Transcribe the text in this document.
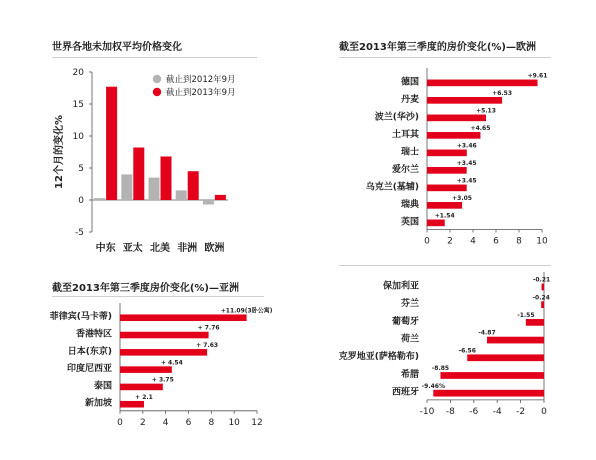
世界各地未加权平均价格变化	截至2013年第三季度的房价变化(%)—欧洲
截至2013年第三季度房价变化(%)—亚洲
20
15
10
5
0
-5
12个月的变化%
中东 亚太 北美 非洲 欧洲
截止到2012年9月
截止到2013年9月
0 2 4 6 8 10
德国
+9.61
丹麦
+6.53
波兰(华沙)
+5.13
土耳其
+4.65
瑞士
+3.46
爱尔兰
+3.45
乌克兰(基辅)
+3.45
瑞典
+3.05
英国
+1.54
0 2 4 6 8 10 12
菲律宾(马卡蒂)
+11.09(3卧公寓)
香港特区
+ 7.76
日本(东京)
+ 7.63
印度尼西亚
+ 4.54
泰国
+ 3.75
新加坡
+ 2.1
-10 -8 -6 -4 -2 0
保加利亚
-0.21
芬兰
-0.24
葡萄牙
-1.55
荷兰
-4.87
克罗地亚(萨格勒布)
-6.56
希腊
-8.85
西班牙
-9.46%
